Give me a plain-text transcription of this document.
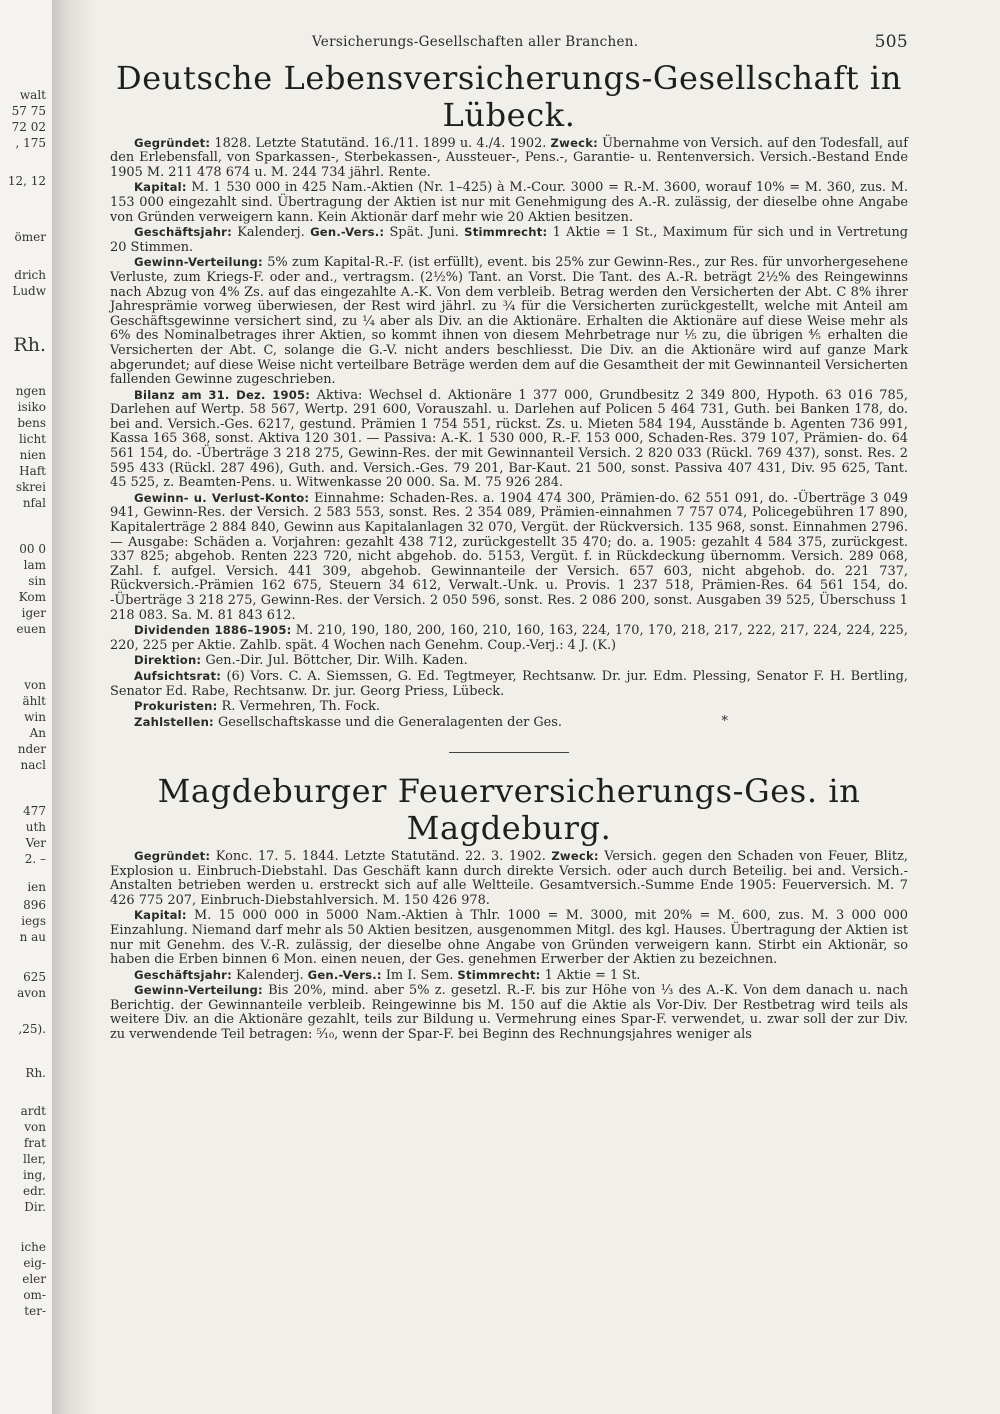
walt
57 75
72 02
, 175
12, 12
ömer
drich
Ludw
Rh.
ngen
isiko
bens
licht
nien
Haft
skrei
nfal
00 0
lam
sin
Kom
iger
euen
von
ählt
win
An
nder
nacl
477
uth
Ver
2. –
ien
896
iegs
n au
625
avon
,25).
Rh.
ardt
von
frat
ller,
ing,
edr.
Dir.
iche
eig-
eler
om-
ter-
Versicherungs-Gesellschaften aller Branchen.	505
Deutsche Lebensversicherungs-Gesellschaft in Lübeck.

Gegründet: 1828. Letzte Statutänd. 16./11. 1899 u. 4./4. 1902. Zweck: Übernahme von Versich. auf den Todesfall, auf den Erlebensfall, von Sparkassen-, Sterbekassen-, Aussteuer-, Pens.-, Garantie- u. Rentenversich. Versich.-Bestand Ende 1905 M. 211 478 674 u. M. 244 734 jährl. Rente.

Kapital: M. 1 530 000 in 425 Nam.-Aktien (Nr. 1–425) à M.-Cour. 3000 = R.-M. 3600, worauf 10% = M. 360, zus. M. 153 000 eingezahlt sind. Übertragung der Aktien ist nur mit Genehmigung des A.-R. zulässig, der dieselbe ohne Angabe von Gründen verweigern kann. Kein Aktionär darf mehr wie 20 Aktien besitzen.

Geschäftsjahr: Kalenderj. Gen.-Vers.: Spät. Juni. Stimmrecht: 1 Aktie = 1 St., Maximum für sich und in Vertretung 20 Stimmen.

Gewinn-Verteilung: 5% zum Kapital-R.-F. (ist erfüllt), event. bis 25% zur Gewinn-Res., zur Res. für unvorhergesehene Verluste, zum Kriegs-F. oder and., vertragsm. (2½%) Tant. an Vorst. Die Tant. des A.-R. beträgt 2½% des Reingewinns nach Abzug von 4% Zs. auf das eingezahlte A.-K. Von dem verbleib. Betrag werden den Versicherten der Abt. C 8% ihrer Jahresprämie vorweg überwiesen, der Rest wird jährl. zu ¾ für die Versicherten zurückgestellt, welche mit Anteil am Geschäftsgewinne versichert sind, zu ¼ aber als Div. an die Aktionäre. Erhalten die Aktionäre auf diese Weise mehr als 6% des Nominalbetrages ihrer Aktien, so kommt ihnen von diesem Mehrbetrage nur ⅕ zu, die übrigen ⅘ erhalten die Versicherten der Abt. C, solange die G.-V. nicht anders beschliesst. Die Div. an die Aktionäre wird auf ganze Mark abgerundet; auf diese Weise nicht verteilbare Beträge werden dem auf die Gesamtheit der mit Gewinnanteil Versicherten fallenden Gewinne zugeschrieben.

Bilanz am 31. Dez. 1905: Aktiva: Wechsel d. Aktionäre 1 377 000, Grundbesitz 2 349 800, Hypoth. 63 016 785, Darlehen auf Wertp. 58 567, Wertp. 291 600, Vorauszahl. u. Darlehen auf Policen 5 464 731, Guth. bei Banken 178, do. bei and. Versich.-Ges. 6217, gestund. Prämien 1 754 551, rückst. Zs. u. Mieten 584 194, Ausstände b. Agenten 736 991, Kassa 165 368, sonst. Aktiva 120 301. — Passiva: A.-K. 1 530 000, R.-F. 153 000, Schaden-Res. 379 107, Prämien- do. 64 561 154, do. -Überträge 3 218 275, Gewinn-Res. der mit Gewinnanteil Versich. 2 820 033 (Rückl. 769 437), sonst. Res. 2 595 433 (Rückl. 287 496), Guth. and. Versich.-Ges. 79 201, Bar-Kaut. 21 500, sonst. Passiva 407 431, Div. 95 625, Tant. 45 525, z. Beamten-Pens. u. Witwenkasse 20 000. Sa. M. 75 926 284.

Gewinn- u. Verlust-Konto: Einnahme: Schaden-Res. a. 1904 474 300, Prämien-do. 62 551 091, do. -Überträge 3 049 941, Gewinn-Res. der Versich. 2 583 553, sonst. Res. 2 354 089, Prämien-einnahmen 7 757 074, Policegebühren 17 890, Kapitalerträge 2 884 840, Gewinn aus Kapitalanlagen 32 070, Vergüt. der Rückversich. 135 968, sonst. Einnahmen 2796. — Ausgabe: Schäden a. Vorjahren: gezahlt 438 712, zurückgestellt 35 470; do. a. 1905: gezahlt 4 584 375, zurückgest. 337 825; abgehob. Renten 223 720, nicht abgehob. do. 5153, Vergüt. f. in Rückdeckung übernomm. Versich. 289 068, Zahl. f. aufgel. Versich. 441 309, abgehob. Gewinnanteile der Versich. 657 603, nicht abgehob. do. 221 737, Rückversich.-Prämien 162 675, Steuern 34 612, Verwalt.-Unk. u. Provis. 1 237 518, Prämien-Res. 64 561 154, do. -Überträge 3 218 275, Gewinn-Res. der Versich. 2 050 596, sonst. Res. 2 086 200, sonst. Ausgaben 39 525, Überschuss 1 218 083. Sa. M. 81 843 612.

Dividenden 1886–1905: M. 210, 190, 180, 200, 160, 210, 160, 163, 224, 170, 170, 218, 217, 222, 217, 224, 224, 225, 220, 225 per Aktie. Zahlb. spät. 4 Wochen nach Genehm. Coup.-Verj.: 4 J. (K.)

Direktion: Gen.-Dir. Jul. Böttcher, Dir. Wilh. Kaden.

Aufsichtsrat: (6) Vors. C. A. Siemssen, G. Ed. Tegtmeyer, Rechtsanw. Dr. jur. Edm. Plessing, Senator F. H. Bertling, Senator Ed. Rabe, Rechtsanw. Dr. jur. Georg Priess, Lübeck.

Prokuristen: R. Vermehren, Th. Fock.

Zahlstellen: Gesellschaftskasse und die Generalagenten der Ges.	*

Magdeburger Feuerversicherungs-Ges. in Magdeburg.

Gegründet: Konc. 17. 5. 1844. Letzte Statutänd. 22. 3. 1902. Zweck: Versich. gegen den Schaden von Feuer, Blitz, Explosion u. Einbruch-Diebstahl. Das Geschäft kann durch direkte Versich. oder auch durch Beteilig. bei and. Versich.-Anstalten betrieben werden u. erstreckt sich auf alle Weltteile. Gesamtversich.-Summe Ende 1905: Feuerversich. M. 7 426 775 207, Einbruch-Diebstahlversich. M. 150 426 978.

Kapital: M. 15 000 000 in 5000 Nam.-Aktien à Thlr. 1000 = M. 3000, mit 20% = M. 600, zus. M. 3 000 000 Einzahlung. Niemand darf mehr als 50 Aktien besitzen, ausgenommen Mitgl. des kgl. Hauses. Übertragung der Aktien ist nur mit Genehm. des V.-R. zulässig, der dieselbe ohne Angabe von Gründen verweigern kann. Stirbt ein Aktionär, so haben die Erben binnen 6 Mon. einen neuen, der Ges. genehmen Erwerber der Aktien zu bezeichnen.

Geschäftsjahr: Kalenderj. Gen.-Vers.: Im I. Sem. Stimmrecht: 1 Aktie = 1 St.

Gewinn-Verteilung: Bis 20%, mind. aber 5% z. gesetzl. R.-F. bis zur Höhe von ⅓ des A.-K. Von dem danach u. nach Berichtig. der Gewinnanteile verbleib. Reingewinne bis M. 150 auf die Aktie als Vor-Div. Der Restbetrag wird teils als weitere Div. an die Aktionäre gezahlt, teils zur Bildung u. Vermehrung eines Spar-F. verwendet, u. zwar soll der zur Div. zu verwendende Teil betragen: ⁵⁄₁₀, wenn der Spar-F. bei Beginn des Rechnungsjahres weniger als
